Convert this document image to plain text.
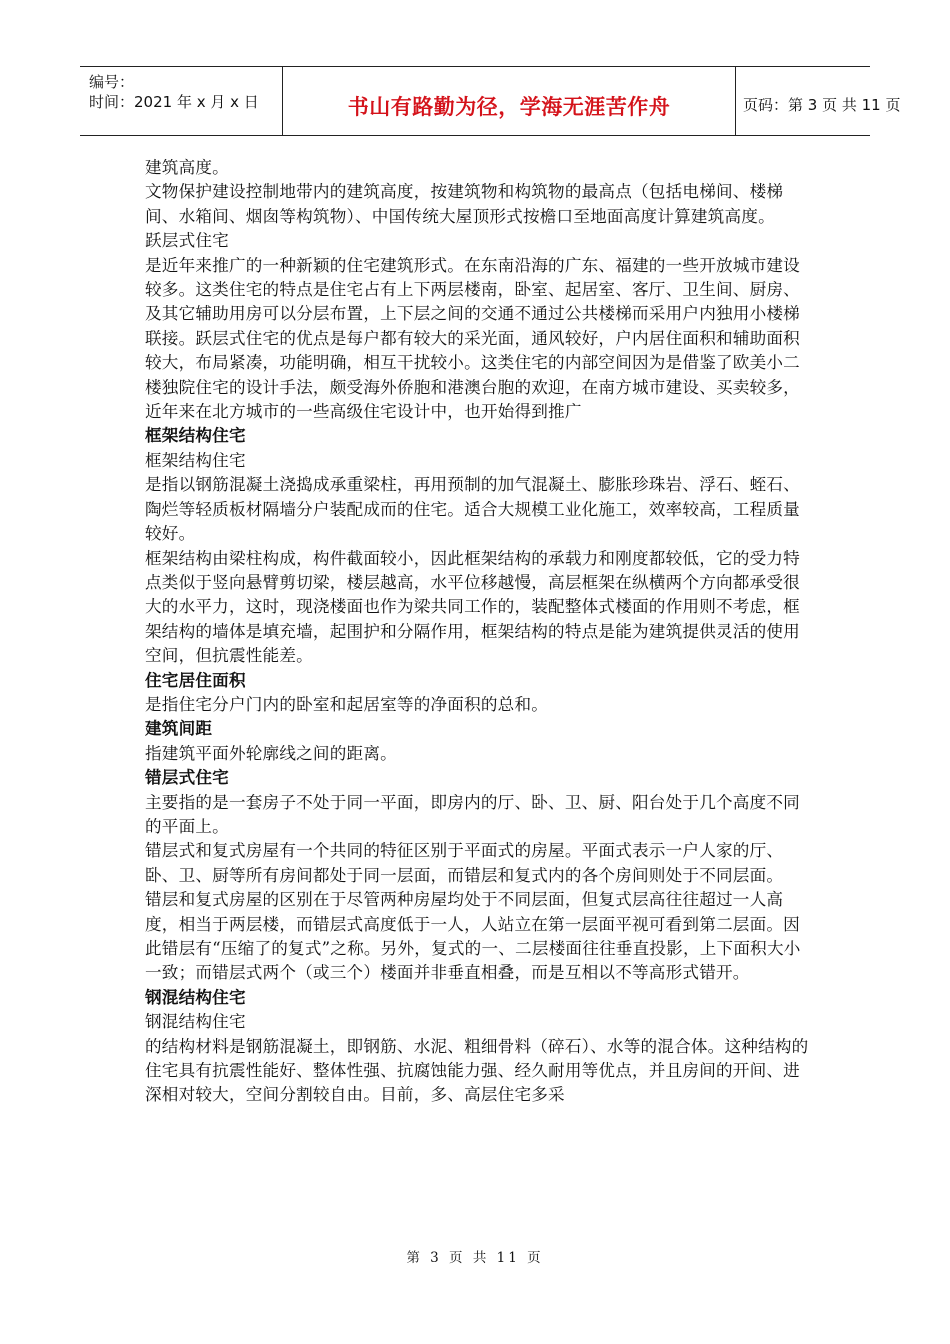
编号：
时间：2021 年 x 月 x 日	书山有路勤为径，学海无涯苦作舟	页码：第 3 页 共 11 页

建筑高度。

文物保护建设控制地带内的建筑高度，按建筑物和构筑物的最高点（包括电梯间、楼梯间、水箱间、烟囱等构筑物）、中国传统大屋顶形式按檐口至地面高度计算建筑高度。

跃层式住宅

是近年来推广的一种新颖的住宅建筑形式。在东南沿海的广东、福建的一些开放城市建设较多。这类住宅的特点是住宅占有上下两层楼南，卧室、起居室、客厅、卫生间、厨房、及其它辅助用房可以分层布置，上下层之间的交通不通过公共楼梯而采用户内独用小楼梯联接。跃层式住宅的优点是每户都有较大的采光面，通风较好，户内居住面积和辅助面积较大，布局紧凑，功能明确，相互干扰较小。这类住宅的内部空间因为是借鉴了欧美小二楼独院住宅的设计手法，颇受海外侨胞和港澳台胞的欢迎，在南方城市建设、买卖较多，近年来在北方城市的一些高级住宅设计中，也开始得到推广

框架结构住宅

框架结构住宅

是指以钢筋混凝土浇捣成承重梁柱，再用预制的加气混凝土、膨胀珍珠岩、浮石、蛭石、陶烂等轻质板材隔墙分户装配成而的住宅。适合大规模工业化施工，效率较高，工程质量较好。

框架结构由梁柱构成，构件截面较小，因此框架结构的承载力和刚度都较低，它的受力特点类似于竖向悬臂剪切梁，楼层越高，水平位移越慢，高层框架在纵横两个方向都承受很大的水平力，这时，现浇楼面也作为梁共同工作的，装配整体式楼面的作用则不考虑，框架结构的墙体是填充墙，起围护和分隔作用，框架结构的特点是能为建筑提供灵活的使用空间，但抗震性能差。

住宅居住面积

是指住宅分户门内的卧室和起居室等的净面积的总和。

建筑间距

指建筑平面外轮廓线之间的距离。

错层式住宅

主要指的是一套房子不处于同一平面，即房内的厅、卧、卫、厨、阳台处于几个高度不同的平面上。

错层式和复式房屋有一个共同的特征区别于平面式的房屋。平面式表示一户人家的厅、卧、卫、厨等所有房间都处于同一层面，而错层和复式内的各个房间则处于不同层面。

错层和复式房屋的区别在于尽管两种房屋均处于不同层面，但复式层高往往超过一人高度，相当于两层楼，而错层式高度低于一人，人站立在第一层面平视可看到第二层面。因此错层有“压缩了的复式”之称。另外，复式的一、二层楼面往往垂直投影，上下面积大小一致；而错层式两个（或三个）楼面并非垂直相叠，而是互相以不等高形式错开。

钢混结构住宅

钢混结构住宅

的结构材料是钢筋混凝土，即钢筋、水泥、粗细骨料（碎石）、水等的混合体。这种结构的住宅具有抗震性能好、整体性强、抗腐蚀能力强、经久耐用等优点，并且房间的开间、进深相对较大，空间分割较自由。目前，多、高层住宅多采

第 3 页 共 11 页
